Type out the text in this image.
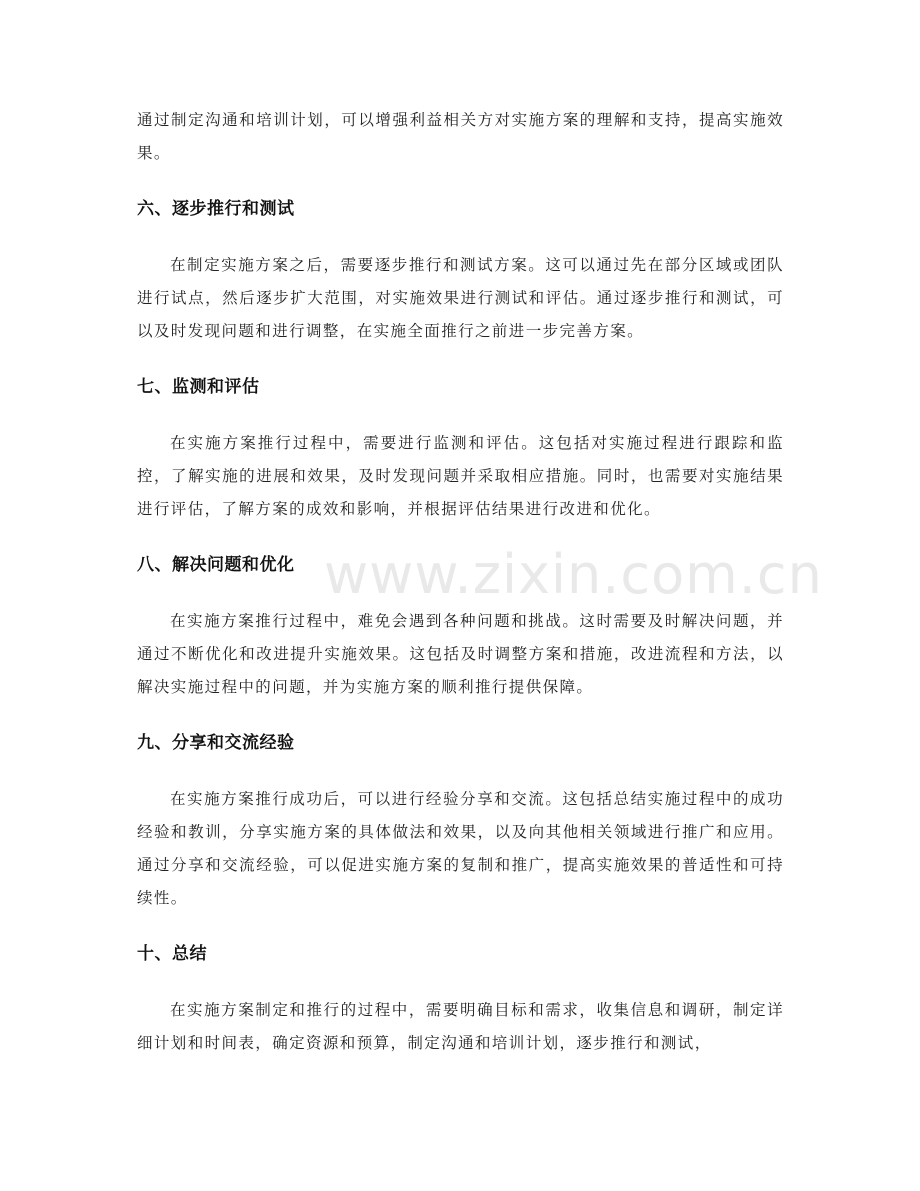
www.zixin.com.cn

通过制定沟通和培训计划，可以增强利益相关方对实施方案的理解和支持，提高实施效果。

六、逐步推行和测试

在制定实施方案之后，需要逐步推行和测试方案。这可以通过先在部分区域或团队进行试点，然后逐步扩大范围，对实施效果进行测试和评估。通过逐步推行和测试，可以及时发现问题和进行调整，在实施全面推行之前进一步完善方案。

七、监测和评估

在实施方案推行过程中，需要进行监测和评估。这包括对实施过程进行跟踪和监控，了解实施的进展和效果，及时发现问题并采取相应措施。同时，也需要对实施结果进行评估，了解方案的成效和影响，并根据评估结果进行改进和优化。

八、解决问题和优化

在实施方案推行过程中，难免会遇到各种问题和挑战。这时需要及时解决问题，并通过不断优化和改进提升实施效果。这包括及时调整方案和措施，改进流程和方法，以解决实施过程中的问题，并为实施方案的顺利推行提供保障。

九、分享和交流经验

在实施方案推行成功后，可以进行经验分享和交流。这包括总结实施过程中的成功经验和教训，分享实施方案的具体做法和效果，以及向其他相关领域进行推广和应用。通过分享和交流经验，可以促进实施方案的复制和推广，提高实施效果的普适性和可持续性。

十、总结

在实施方案制定和推行的过程中，需要明确目标和需求，收集信息和调研，制定详细计划和时间表，确定资源和预算，制定沟通和培训计划，逐步推行和测试，
